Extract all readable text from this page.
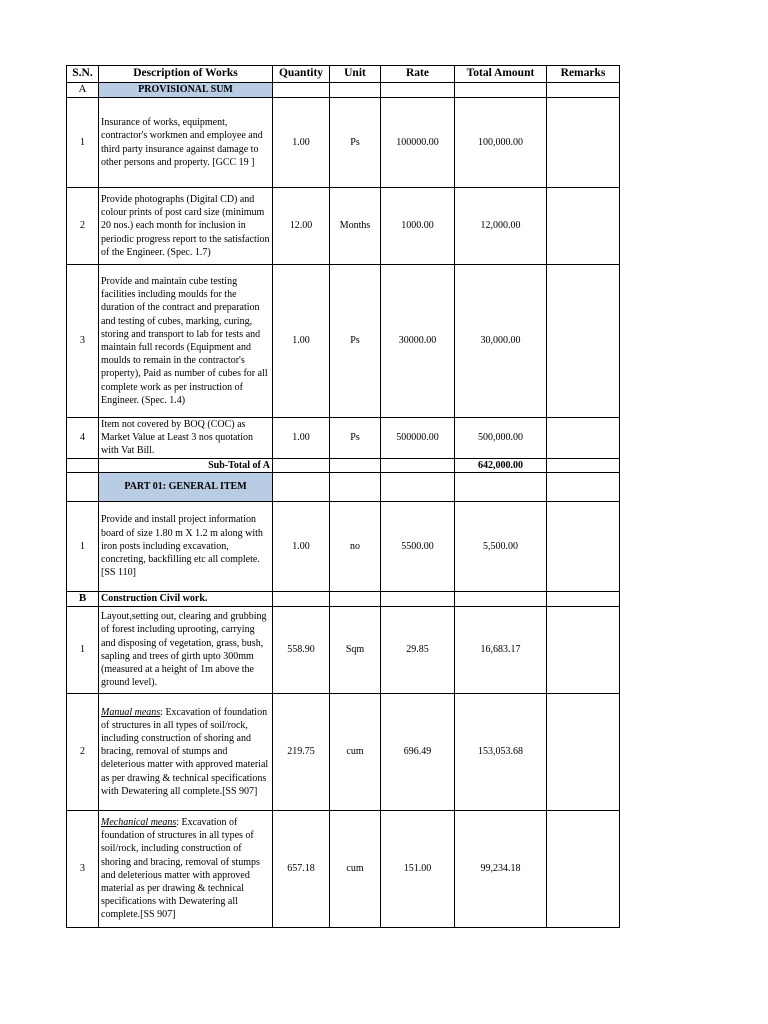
S.N.	Description of Works	Quantity	Unit	Rate	Total Amount	Remarks
A	PROVISIONAL SUM					
1	Insurance of works, equipment, contractor's workmen and employee and third party insurance against damage to other persons and property. [GCC 19 ]	1.00	Ps	100000.00	100,000.00	
2	Provide photographs (Digital CD) and colour prints of post card size (minimum 20 nos.) each month for inclusion in periodic progress report to the satisfaction of the Engineer. (Spec. 1.7)	12.00	Months	1000.00	12,000.00	
3	Provide and maintain cube testing facilities including moulds for the duration of the contract and preparation and testing of cubes, marking, curing, storing and transport to lab for tests and maintain full records (Equipment and moulds to remain in the contractor's property), Paid as number of cubes for all complete work as per instruction of Engineer. (Spec. 1.4)	1.00	Ps	30000.00	30,000.00	
4	Item not covered by BOQ (COC) as Market Value at Least 3 nos quotation with Vat Bill.	1.00	Ps	500000.00	500,000.00	
	Sub-Total of A				642,000.00	
	PART 01: GENERAL ITEM					
1	Provide and install project information board of size 1.80 m X 1.2 m along with iron posts including excavation, concreting, backfilling etc all complete. [SS 110]	1.00	no	5500.00	5,500.00	
B	Construction Civil work.					
1	Layout,setting out, clearing and grubbing of forest including uprooting, carrying and disposing of vegetation, grass, bush, sapling and trees of girth upto 300mm (measured at a height of 1m above the ground level).	558.90	Sqm	29.85	16,683.17	
2	Manual means: Excavation of foundation of structures in all types of soil/rock, including construction of shoring and bracing, removal of stumps and deleterious matter with approved material as per drawing & technical specifications with Dewatering all complete.[SS 907]	219.75	cum	696.49	153,053.68	
3	Mechanical means: Excavation of foundation of structures in all types of soil/rock, including construction of shoring and bracing, removal of stumps and deleterious matter with approved material as per drawing & technical specifications with Dewatering all complete.[SS 907]	657.18	cum	151.00	99,234.18	
